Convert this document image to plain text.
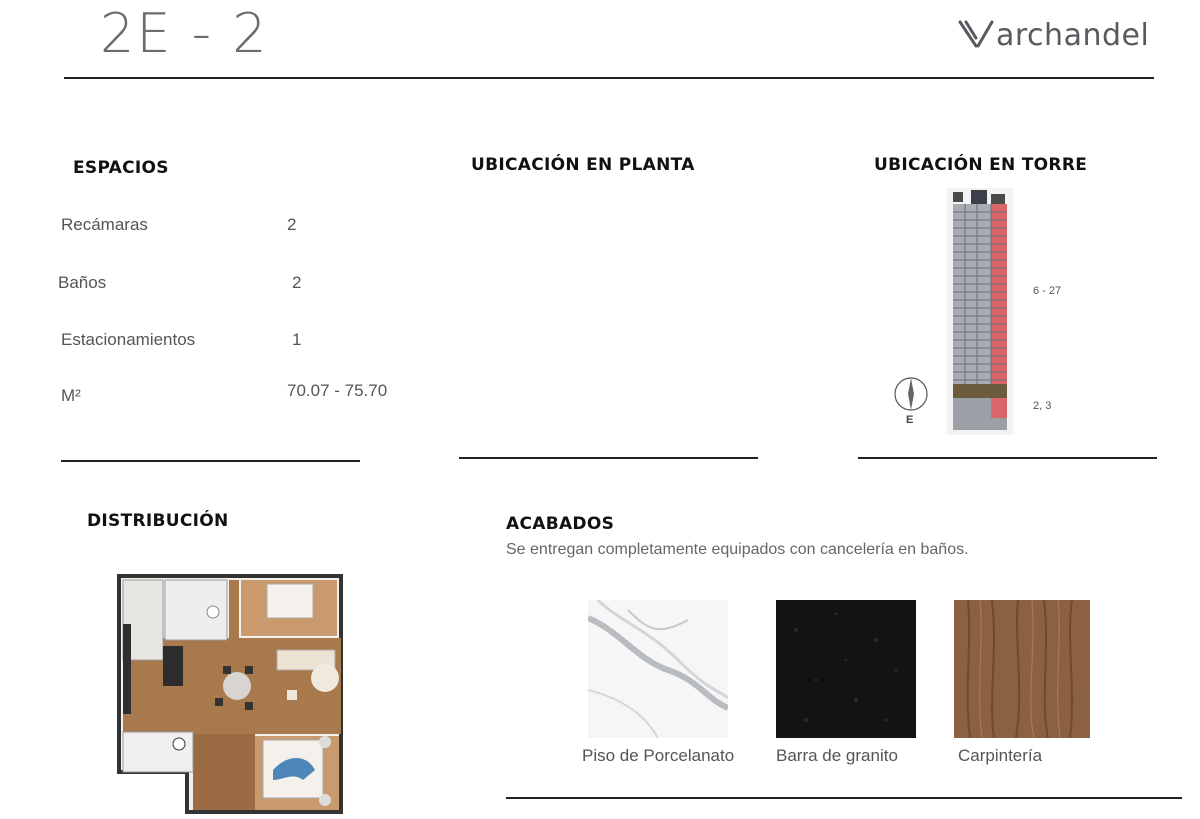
2E - 2	archandel
ESPACIOS
Recámaras	2
Baños	2
Estacionamientos	1
M²	70.07 - 75.70
UBICACIÓN EN PLANTA	UBICACIÓN EN TORRE
6 - 27
2, 3
E
DISTRIBUCIÓN	ACABADOS
Se entregan completamente equipados con cancelería en baños.
Piso de Porcelanato Barra de granito	Carpintería
